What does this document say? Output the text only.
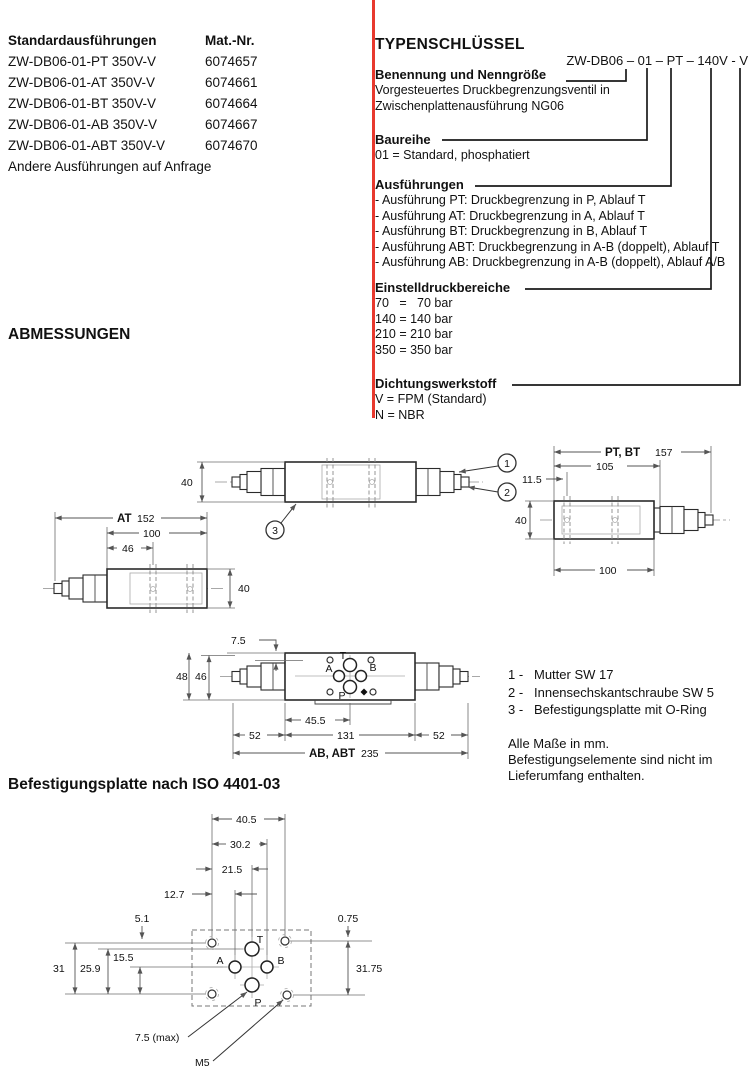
Standardausführungen	Mat.-Nr.
ZW-DB06-01-PT 350V-V	6074657
ZW-DB06-01-AT 350V-V	6074661
ZW-DB06-01-BT 350V-V	6074664
ZW-DB06-01-AB 350V-V	6074667
ZW-DB06-01-ABT 350V-V	6074670
Andere Ausführungen auf Anfrage
TYPENSCHLÜSSEL
ZW-DB06 – 01 – PT – 140V - V
Benennung und Nenngröße
Vorgesteuertes Druckbegrenzungsventil in
Zwischenplattenausführung NG06
Baureihe
01 = Standard, phosphatiert
Ausführungen
- Ausführung PT: Druckbegrenzung in P, Ablauf T
- Ausführung AT: Druckbegrenzung in A, Ablauf T
- Ausführung BT: Druckbegrenzung in B, Ablauf T
- Ausführung ABT: Druckbegrenzung in A-B (doppelt), Ablauf T
- Ausführung AB: Druckbegrenzung in A-B (doppelt), Ablauf A/B
Einstelldruckbereiche
70   =   70 bar
140 = 140 bar
210 = 210 bar
350 = 350 bar
Dichtungswerkstoff
V = FPM (Standard)
N = NBR
ABMESSUNGEN
Befestigungsplatte nach ISO 4401-03
40
1
2
3
PT, BT 157
105
11.5
40
100
AT 152
100
46
40
T
A	B
P
7.5
48 46
45.5
52	131	52
AB, ABT 235
1 - Mutter SW 17
2 - Innensechskantschraube SW 5
3 - Befestigungsplatte mit O-Ring
Alle Maße in mm.
Befestigungselemente sind nicht im
Lieferumfang enthalten.
40.5
30.2
21.5
12.7
5.1	0.75
31 25.9
15.5
31.75
T
A	B
P
7.5 (max)
M5
